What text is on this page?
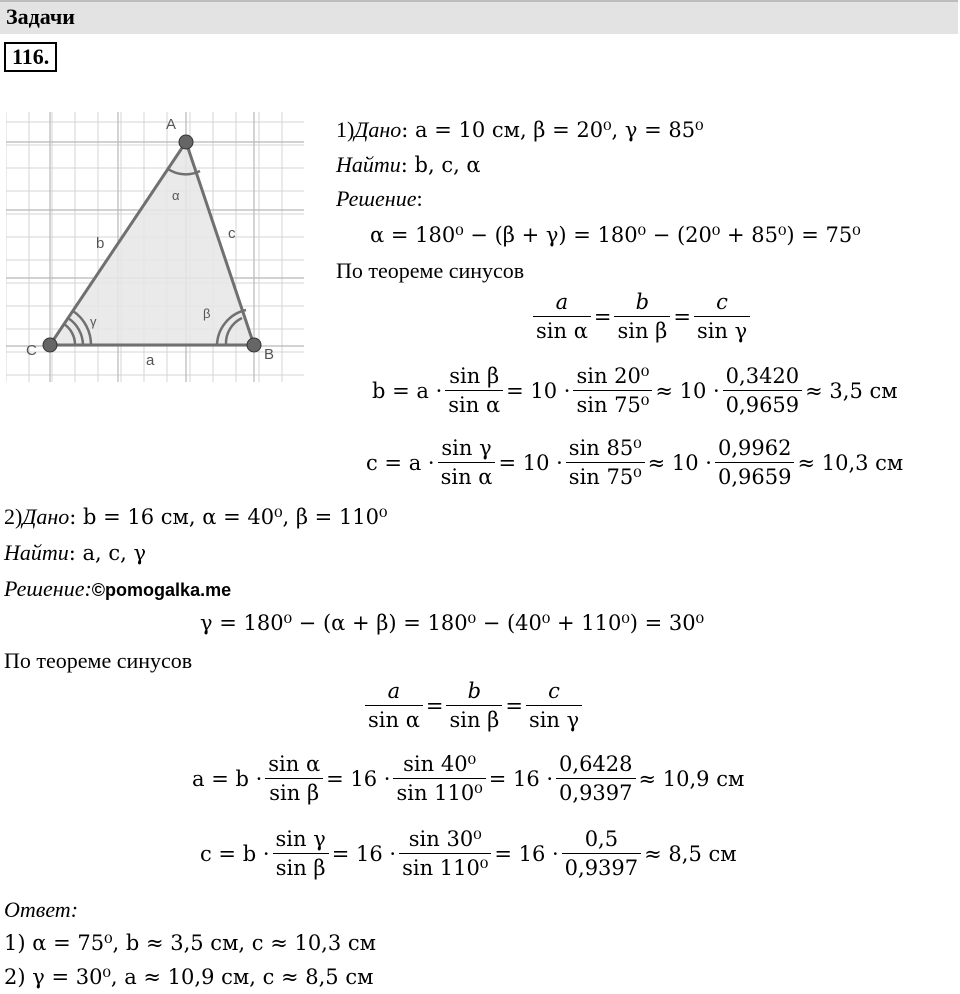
Задачи
116.
A
C	B
b
c
a
α
γ
β
1)Дано: a = 10 см, β = 20⁰, γ = 85⁰
Найти: b, c, α
Решение:
α = 180⁰ − (β + γ) = 180⁰ − (20⁰ + 85⁰) = 75⁰
По теореме синусов
$\frac{a}{\text{sin α}} = \frac{b}{\text{sin β}} = \frac{c}{\text{sin γ}}$
$b = a \cdot \frac{\text{sin β}}{\text{sin α}} = 10 \cdot \frac{\text{sin 20⁰}}{\text{sin 75⁰}} \approx 10 \cdot \frac{0,3420}{0,9659} \approx 3,5$ см
$c = a \cdot \frac{\text{sin γ}}{\text{sin α}} = 10 \cdot \frac{\text{sin 85⁰}}{\text{sin 75⁰}} \approx 10 \cdot \frac{0,9962}{0,9659} \approx 10,3$ см
2)Дано: b = 16 см, α = 40⁰, β = 110⁰
Найти: a, c, γ
Решение:©pomogalka.me
γ = 180⁰ − (α + β) = 180⁰ − (40⁰ + 110⁰) = 30⁰
По теореме синусов
$\frac{a}{\text{sin α}} = \frac{b}{\text{sin β}} = \frac{c}{\text{sin γ}}$
$a = b \cdot \frac{\text{sin α}}{\text{sin β}} = 16 \cdot \frac{\text{sin 40⁰}}{\text{sin 110⁰}} = 16 \cdot \frac{0,6428}{0,9397} \approx 10,9$ см
$c = b \cdot \frac{\text{sin γ}}{\text{sin β}} = 16 \cdot \frac{\text{sin 30⁰}}{\text{sin 110⁰}} = 16 \cdot \frac{0,5}{0,9397} \approx 8,5$ см
Ответ:
1) α = 75⁰, b ≈ 3,5 см, c ≈ 10,3 см
2) γ = 30⁰, a ≈ 10,9 см, c ≈ 8,5 см
